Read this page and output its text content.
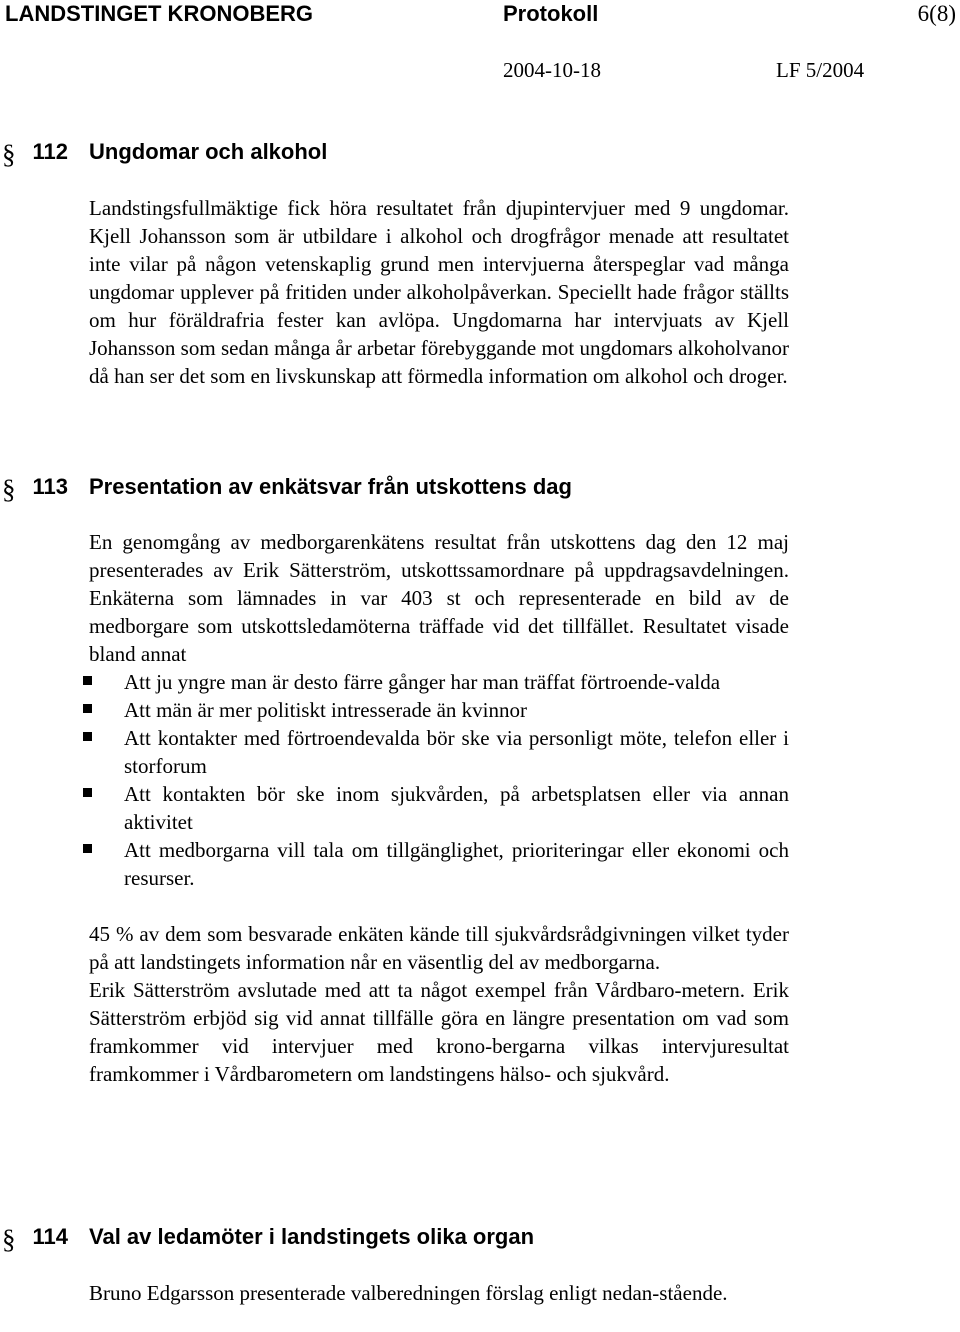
LANDSTINGET KRONOBERG	Protokoll	6(8)
2004-10-18	LF 5/2004
§ 112 Ungdomar och alkohol

Landstingsfullmäktige fick höra resultatet från djupintervjuer med 9 ungdomar. Kjell Johansson som är utbildare i alkohol och drogfrågor menade att resultatet inte vilar på någon vetenskaplig grund men intervjuerna återspeglar vad många ungdomar upplever på fritiden under alkoholpåverkan. Speciellt hade frågor ställts om hur föräldrafria fester kan avlöpa. Ungdomarna har intervjuats av Kjell Johansson som sedan många år arbetar förebyggande mot ungdomars alkoholvanor då han ser det som en livskunskap att förmedla information om alkohol och droger.

§ 113 Presentation av enkätsvar från utskottens dag

En genomgång av medborgarenkätens resultat från utskottens dag den 12 maj presenterades av Erik Sätterström, utskottssamordnare på uppdragsavdelningen. Enkäterna som lämnades in var 403 st och representerade en bild av de medborgare som utskottsledamöterna träffade vid det tillfället. Resultatet visade bland annat

Att ju yngre man är desto färre gånger har man träffat förtroende-valda
Att män är mer politiskt intresserade än kvinnor
Att kontakter med förtroendevalda bör ske via personligt möte, telefon eller i storforum
Att kontakten bör ske inom sjukvården, på arbetsplatsen eller via annan aktivitet
Att medborgarna vill tala om tillgänglighet, prioriteringar eller ekonomi och resurser.

45 % av dem som besvarade enkäten kände till sjukvårdsrådgivningen vilket tyder på att landstingets information når en väsentlig del av medborgarna.

Erik Sätterström avslutade med att ta något exempel från Vårdbaro-metern. Erik Sätterström erbjöd sig vid annat tillfälle göra en längre presentation om vad som framkommer vid intervjuer med krono-bergarna vilkas intervjuresultat framkommer i Vårdbarometern om landstingens hälso- och sjukvård.

§ 114 Val av ledamöter i landstingets olika organ

Bruno Edgarsson presenterade valberedningen förslag enligt nedan-stående.
